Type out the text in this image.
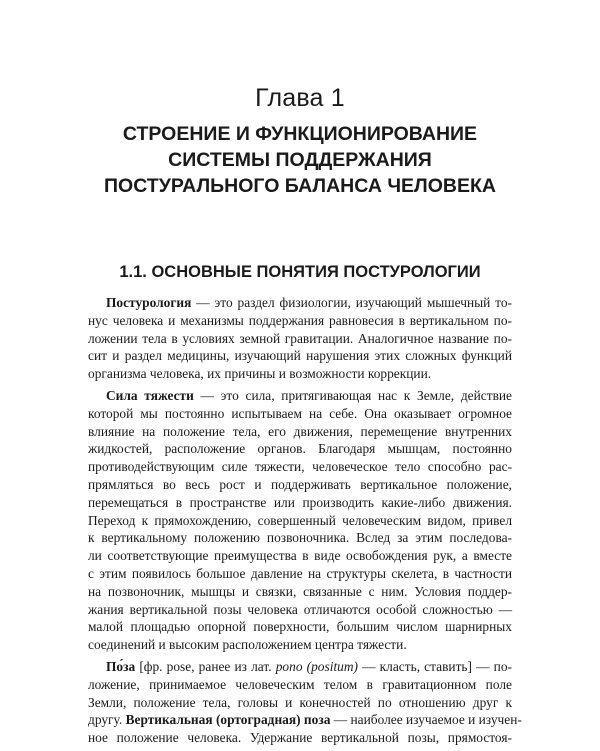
Глава 1
СТРОЕНИЕ И ФУНКЦИОНИРОВАНИЕ
СИСТЕМЫ ПОДДЕРЖАНИЯ
ПОСТУРАЛЬНОГО БАЛАНСА ЧЕЛОВЕКА
1.1. ОСНОВНЫЕ ПОНЯТИЯ ПОСТУРОЛОГИИ
Постурология — это раздел физиологии, изучающий мышечный то-
нус человека и механизмы поддержания равновесия в вертикальном по-
ложении тела в условиях земной гравитации. Аналогичное название по-
сит и раздел медицины, изучающий нарушения этих сложных функций
организма человека, их причины и возможности коррекции.
Сила тяжести — это сила, притягивающая нас к Земле, действие
которой мы постоянно испытываем на себе. Она оказывает огромное
влияние на положение тела, его движения, перемещение внутренних
жидкостей, расположение органов. Благодаря мышцам, постоянно
противодействующим силе тяжести, человеческое тело способно рас-
прямляться во весь рост и поддерживать вертикальное положение,
перемещаться в пространстве или производить какие-либо движения.
Переход к прямохождению, совершенный человеческим видом, привел
к вертикальному положению позвоночника. Вслед за этим последова-
ли соответствующие преимущества в виде освобождения рук, а вместе
с этим появилось большое давление на структуры скелета, в частности
на позвоночник, мышцы и связки, связанные с ним. Условия поддер-
жания вертикальной позы человека отличаются особой сложностью —
малой площадью опорной поверхности, большим числом шарнирных
соединений и высоким расположением центра тяжести.
По́за [фр. pose, ранее из лат. pono (positum) — класть, ставить] — по-
ложение, принимаемое человеческим телом в гравитационном поле
Земли, положение тела, головы и конечностей по отношению друг к
другу. Вертикальная (ортоградная) поза — наиболее изучаемое и изучен-
ное положение человека. Удержание вертикальной позы, прямостоя-
